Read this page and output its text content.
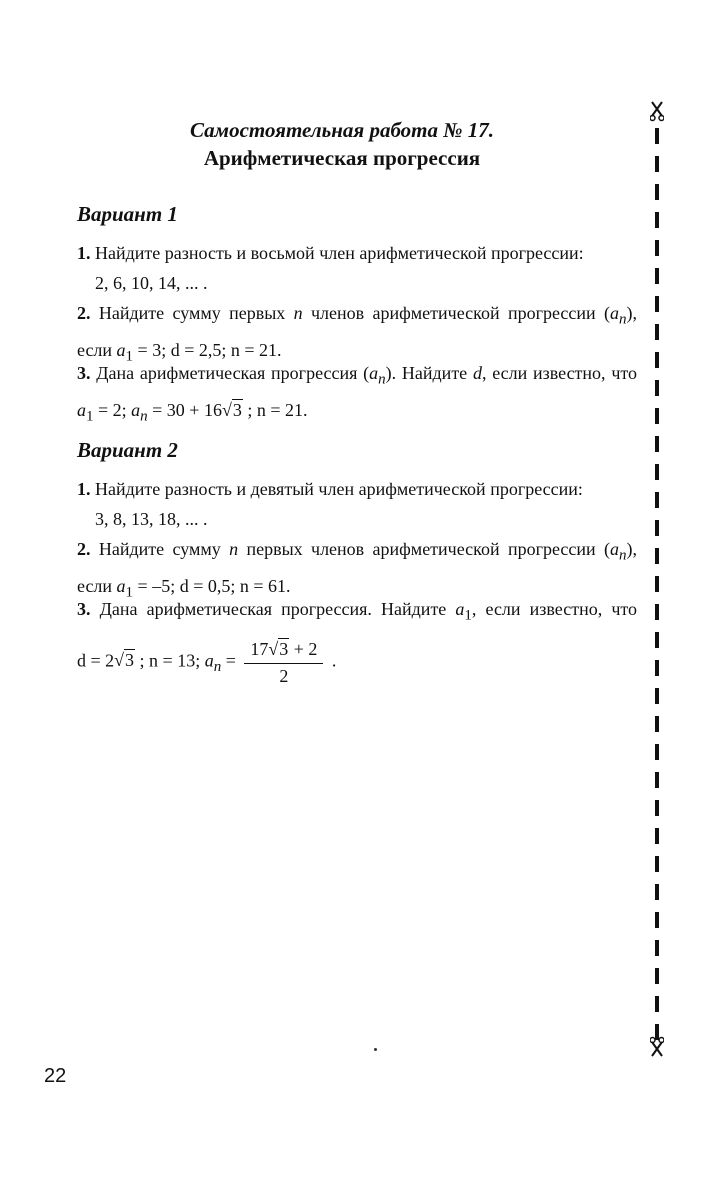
Самостоятельная работа № 17.
Арифметическая прогрессия
Вариант 1
1. Найдите разность и восьмой член арифметической прогрессии:
2, 6, 10, 14, ... .
2. Найдите сумму первых n членов арифметической прогрессии $(a_n)$, если $a_1 = 3$; d = 2,5; n = 21.
3. Дана арифметическая прогрессия $(a_n)$. Найдите d, если известно, что $a_1 = 2$; $a_n = 30 + 16√3$ ; n = 21.
Вариант 2
1. Найдите разность и девятый член арифметической прогрессии:
3, 8, 13, 18, ... .
2. Найдите сумму n первых членов арифметической прогрессии $(a_n)$, если $a_1 = -5$; d = 0,5; n = 61.
3. Дана арифметическая прогрессия. Найдите $a_1$, если известно, что d = 2√3 ; n = 13; $a_n = \frac{17√3 + 2}{2}$ .
22
